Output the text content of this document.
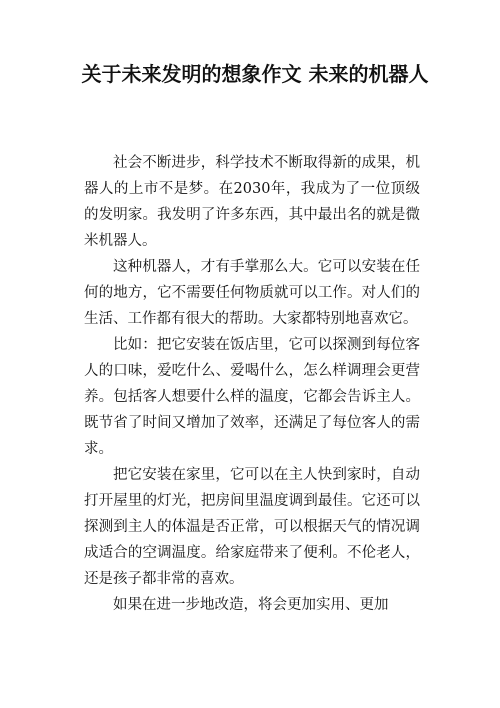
关于未来发明的想象作文 未来的机器人

社会不断进步，科学技术不断取得新的成果，机器人的上市不是梦。在2030年，我成为了一位顶级的发明家。我发明了许多东西，其中最出名的就是微米机器人。

这种机器人，才有手掌那么大。它可以安装在任何的地方，它不需要任何物质就可以工作。对人们的生活、工作都有很大的帮助。大家都特别地喜欢它。

比如：把它安装在饭店里，它可以探测到每位客人的口味，爱吃什么、爱喝什么，怎么样调理会更营养。包括客人想要什么样的温度，它都会告诉主人。既节省了时间又增加了效率，还满足了每位客人的需求。

把它安装在家里，它可以在主人快到家时，自动打开屋里的灯光，把房间里温度调到最佳。它还可以探测到主人的体温是否正常，可以根据天气的情况调成适合的空调温度。给家庭带来了便利。不伦老人，还是孩子都非常的喜欢。

如果在进一步地改造，将会更加实用、更加
